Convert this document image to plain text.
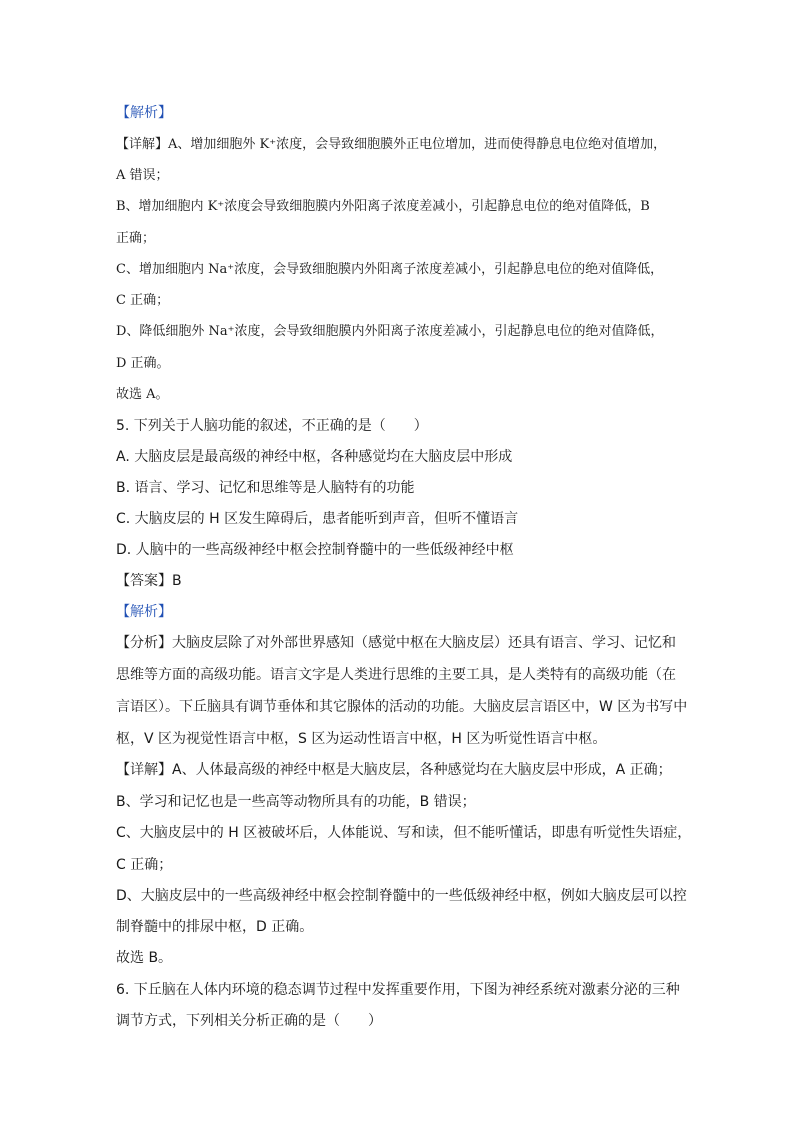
【解析】
【详解】A、增加细胞外 K⁺浓度，会导致细胞膜外正电位增加，进而使得静息电位绝对值增加，
A 错误；
B、增加细胞内 K⁺浓度会导致细胞膜内外阳离子浓度差减小，引起静息电位的绝对值降低，B
正确；
C、增加细胞内 Na⁺浓度，会导致细胞膜内外阳离子浓度差减小，引起静息电位的绝对值降低，
C 正确；
D、降低细胞外 Na⁺浓度，会导致细胞膜内外阳离子浓度差减小，引起静息电位的绝对值降低，
D 正确。
故选 A。
5. 下列关于人脑功能的叙述，不正确的是（　　）
A. 大脑皮层是最高级的神经中枢，各种感觉均在大脑皮层中形成
B. 语言、学习、记忆和思维等是人脑特有的功能
C. 大脑皮层的 H 区发生障碍后，患者能听到声音，但听不懂语言
D. 人脑中的一些高级神经中枢会控制脊髓中的一些低级神经中枢
【答案】B
【解析】
【分析】大脑皮层除了对外部世界感知（感觉中枢在大脑皮层）还具有语言、学习、记忆和
思维等方面的高级功能。语言文字是人类进行思维的主要工具，是人类特有的高级功能（在
言语区）。下丘脑具有调节垂体和其它腺体的活动的功能。大脑皮层言语区中，W 区为书写中
枢，V 区为视觉性语言中枢，S 区为运动性语言中枢，H 区为听觉性语言中枢。
【详解】A、人体最高级的神经中枢是大脑皮层，各种感觉均在大脑皮层中形成，A 正确；
B、学习和记忆也是一些高等动物所具有的功能，B 错误；
C、大脑皮层中的 H 区被破坏后，人体能说、写和读，但不能听懂话，即患有听觉性失语症，
C 正确；
D、大脑皮层中的一些高级神经中枢会控制脊髓中的一些低级神经中枢，例如大脑皮层可以控
制脊髓中的排尿中枢，D 正确。
故选 B。
6. 下丘脑在人体内环境的稳态调节过程中发挥重要作用，下图为神经系统对激素分泌的三种
调节方式，下列相关分析正确的是（　　）
